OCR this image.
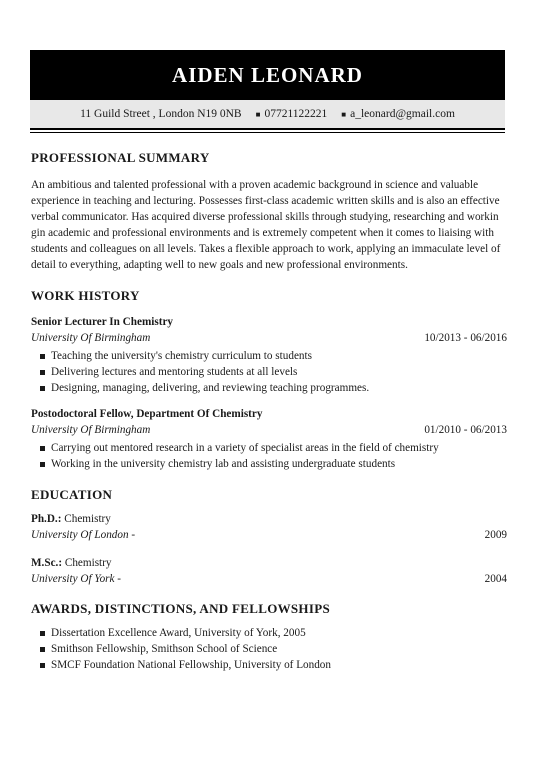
AIDEN LEONARD
11 Guild Street , London N19 0NB ■ 07721122221 ■ a_leonard@gmail.com
PROFESSIONAL SUMMARY

An ambitious and talented professional with a proven academic background in science and valuable experience in teaching and lecturing. Possesses first-class academic written skills and is also an effective verbal communicator. Has acquired diverse professional skills through studying, researching and workin gin academic and professional environments and is extremely competent when it comes to liaising with students and colleagues on all levels. Takes a flexible approach to work, applying an immaculate level of detail to everything, adapting well to new goals and new professional environments.

WORK HISTORY
Senior Lecturer In Chemistry
University Of Birmingham	10/2013 - 06/2016
Teaching the university's chemistry curriculum to students
Delivering lectures and mentoring students at all levels
Designing, managing, delivering, and reviewing teaching programmes.
Postodoctoral Fellow, Department Of Chemistry
University Of Birmingham	01/2010 - 06/2013
Carrying out mentored research in a variety of specialist areas in the field of chemistry
Working in the university chemistry lab and assisting undergraduate students
EDUCATION
Ph.D.: Chemistry
University Of London -	2009
M.Sc.: Chemistry
University Of York -	2004
AWARDS, DISTINCTIONS, AND FELLOWSHIPS
Dissertation Excellence Award, University of York, 2005
Smithson Fellowship, Smithson School of Science
SMCF Foundation National Fellowship, University of London
